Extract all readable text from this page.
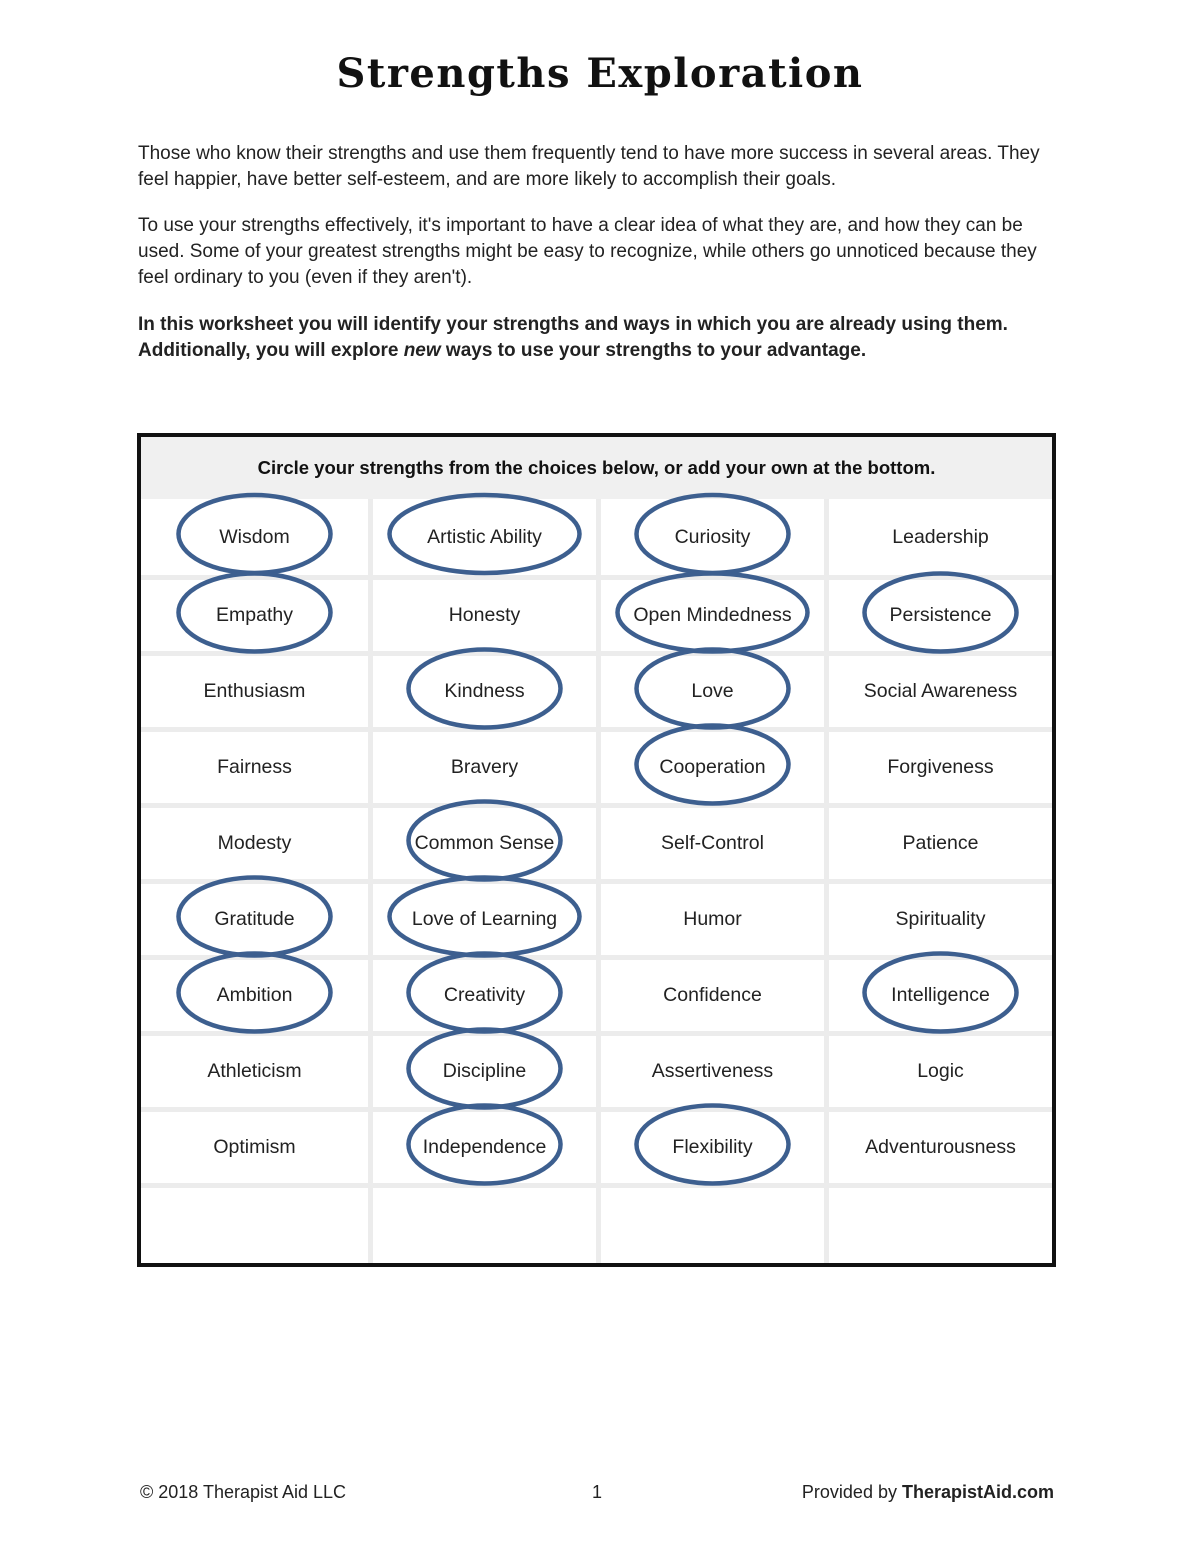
Strengths Exploration

Those who know their strengths and use them frequently tend to have more success in several areas. They feel happier, have better self-esteem, and are more likely to accomplish their goals.

To use your strengths effectively, it's important to have a clear idea of what they are, and how they can be used. Some of your greatest strengths might be easy to recognize, while others go unnoticed because they feel ordinary to you (even if they aren't).

In this worksheet you will identify your strengths and ways in which you are already using them. Additionally, you will explore new ways to use your strengths to your advantage.

Circle your strengths from the choices below, or add your own at the bottom.
Wisdom	Artistic Ability	Curiosity	Leadership
Empathy	Honesty	Open Mindedness	Persistence
Enthusiasm	Kindness	Love	Social Awareness
Fairness	Bravery	Cooperation	Forgiveness
Modesty	Common Sense	Self-Control	Patience
Gratitude	Love of Learning	Humor	Spirituality
Ambition	Creativity	Confidence	Intelligence
Athleticism	Discipline	Assertiveness	Logic
Optimism	Independence	Flexibility	Adventurousness
© 2018 Therapist Aid LLC	1	Provided by TherapistAid.com
